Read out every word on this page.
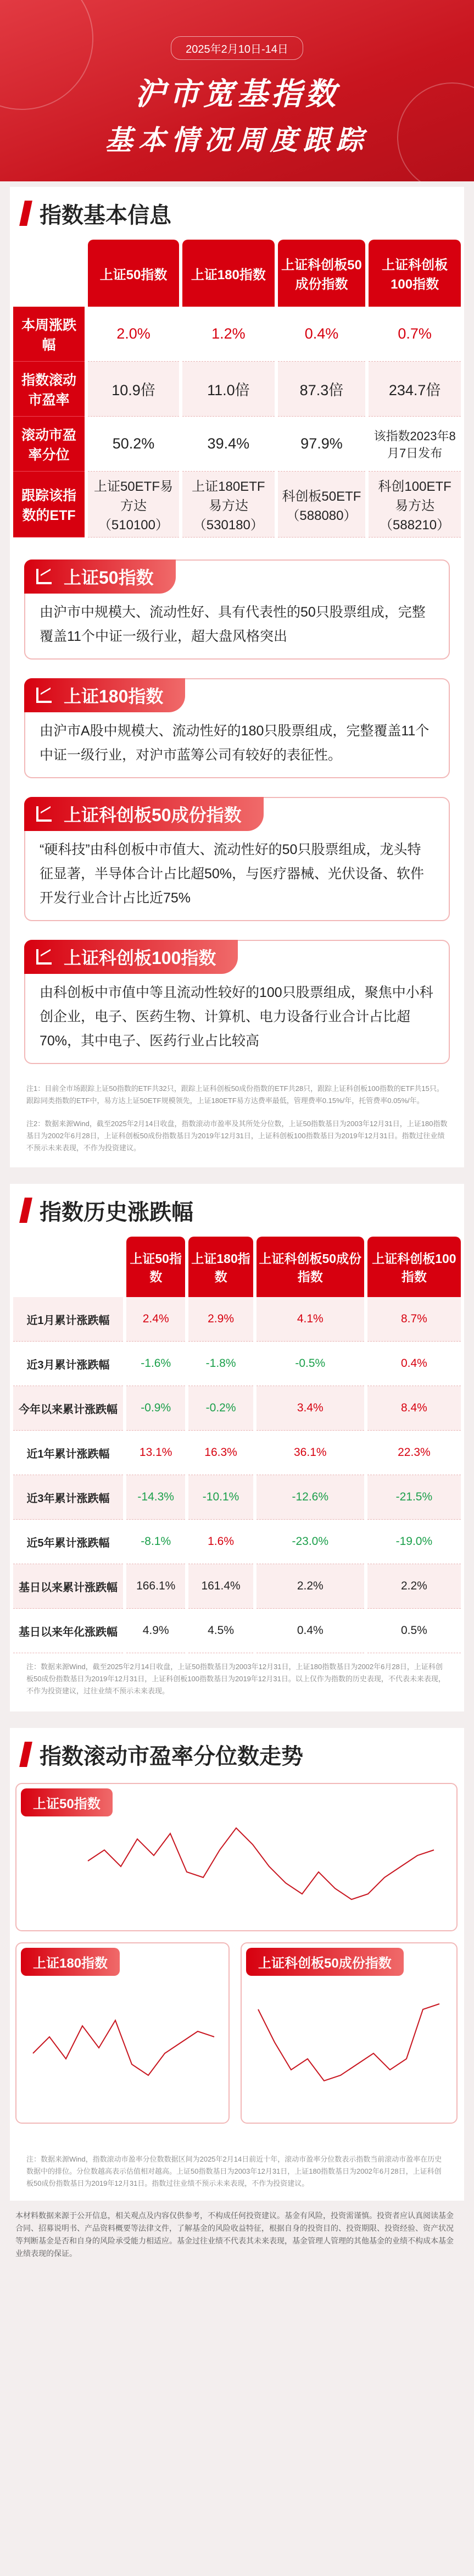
2025年2月10日-14日
沪市宽基指数
基本情况周度跟踪
指数基本信息
	上证50指数	上证180指数	上证科创板50成份指数	上证科创板100指数
本周涨跌幅	2.0%	1.2%	0.4%	0.7%
指数滚动市盈率	10.9倍	11.0倍	87.3倍	234.7倍
滚动市盈率分位	50.2%	39.4%	97.9%	该指数2023年8月7日发布
跟踪该指数的ETF	上证50ETF易方达（510100）	上证180ETF易方达（530180）	科创板50ETF（588080）	科创100ETF易方达（588210）
上证50指数

由沪市中规模大、流动性好、具有代表性的50只股票组成，完整覆盖11个中证一级行业，超大盘风格突出

上证180指数

由沪市A股中规模大、流动性好的180只股票组成，完整覆盖11个中证一级行业，对沪市蓝筹公司有较好的表征性。

上证科创板50成份指数

“硬科技”由科创板中市值大、流动性好的50只股票组成，龙头特征显著，半导体合计占比超50%，与医疗器械、光伏设备、软件开发行业合计占比近75%

上证科创板100指数

由科创板中市值中等且流动性较好的100只股票组成，聚焦中小科创企业，电子、医药生物、计算机、电力设备行业合计占比超70%，其中电子、医药行业占比较高

注1：目前全市场跟踪上证50指数的ETF共32只，跟踪上证科创板50成份指数的ETF共28只，跟踪上证科创板100指数的ETF共15只。跟踪同类指数的ETF中，易方达上证50ETF规模领先，上证180ETF易方达费率最低，管理费率0.15%/年，托管费率0.05%/年。
注2：数据来源Wind，截至2025年2月14日收盘，指数滚动市盈率及其所处分位数，上证50指数基日为2003年12月31日，上证180指数基日为2002年6月28日，上证科创板50成份指数基日为2019年12月31日，上证科创板100指数基日为2019年12月31日。指数过往业绩不预示未来表现，不作为投资建议。
指数历史涨跌幅
	上证50指数	上证180指数	上证科创板50成份指数	上证科创板100指数
近1月累计涨跌幅	2.4%	2.9%	4.1%	8.7%
近3月累计涨跌幅	-1.6%	-1.8%	-0.5%	0.4%
今年以来累计涨跌幅	-0.9%	-0.2%	3.4%	8.4%
近1年累计涨跌幅	13.1%	16.3%	36.1%	22.3%
近3年累计涨跌幅	-14.3%	-10.1%	-12.6%	-21.5%
近5年累计涨跌幅	-8.1%	1.6%	-23.0%	-19.0%
基日以来累计涨跌幅	166.1%	161.4%	2.2%	2.2%
基日以来年化涨跌幅	4.9%	4.5%	0.4%	0.5%
注：数据来源Wind，截至2025年2月14日收盘，上证50指数基日为2003年12月31日，上证180指数基日为2002年6月28日，上证科创板50成份指数基日为2019年12月31日，上证科创板100指数基日为2019年12月31日。以上仅作为指数的历史表现，不代表未来表现，不作为投资建议，过往业绩不预示未来表现。
指数滚动市盈率分位数走势
上证50指数
上证180指数	上证科创板50成份指数
注：数据来源Wind，指数滚动市盈率分位数数据区间为2025年2月14日前近十年，滚动市盈率分位数表示指数当前滚动市盈率在历史数据中的排位。分位数越高表示估值相对越高。上证50指数基日为2003年12月31日，上证180指数基日为2002年6月28日，上证科创板50成份指数基日为2019年12月31日。指数过往业绩不预示未来表现，不作为投资建议。
本材料数据来源于公开信息，相关观点及内容仅供参考，不构成任何投资建议。基金有风险，投资需谨慎。投资者应认真阅读基金合同、招募说明书、产品资料概要等法律文件，了解基金的风险收益特征，根据自身的投资目的、投资期限、投资经验、资产状况等判断基金是否和自身的风险承受能力相适应。基金过往业绩不代表其未来表现，基金管理人管理的其他基金的业绩不构成本基金业绩表现的保证。
